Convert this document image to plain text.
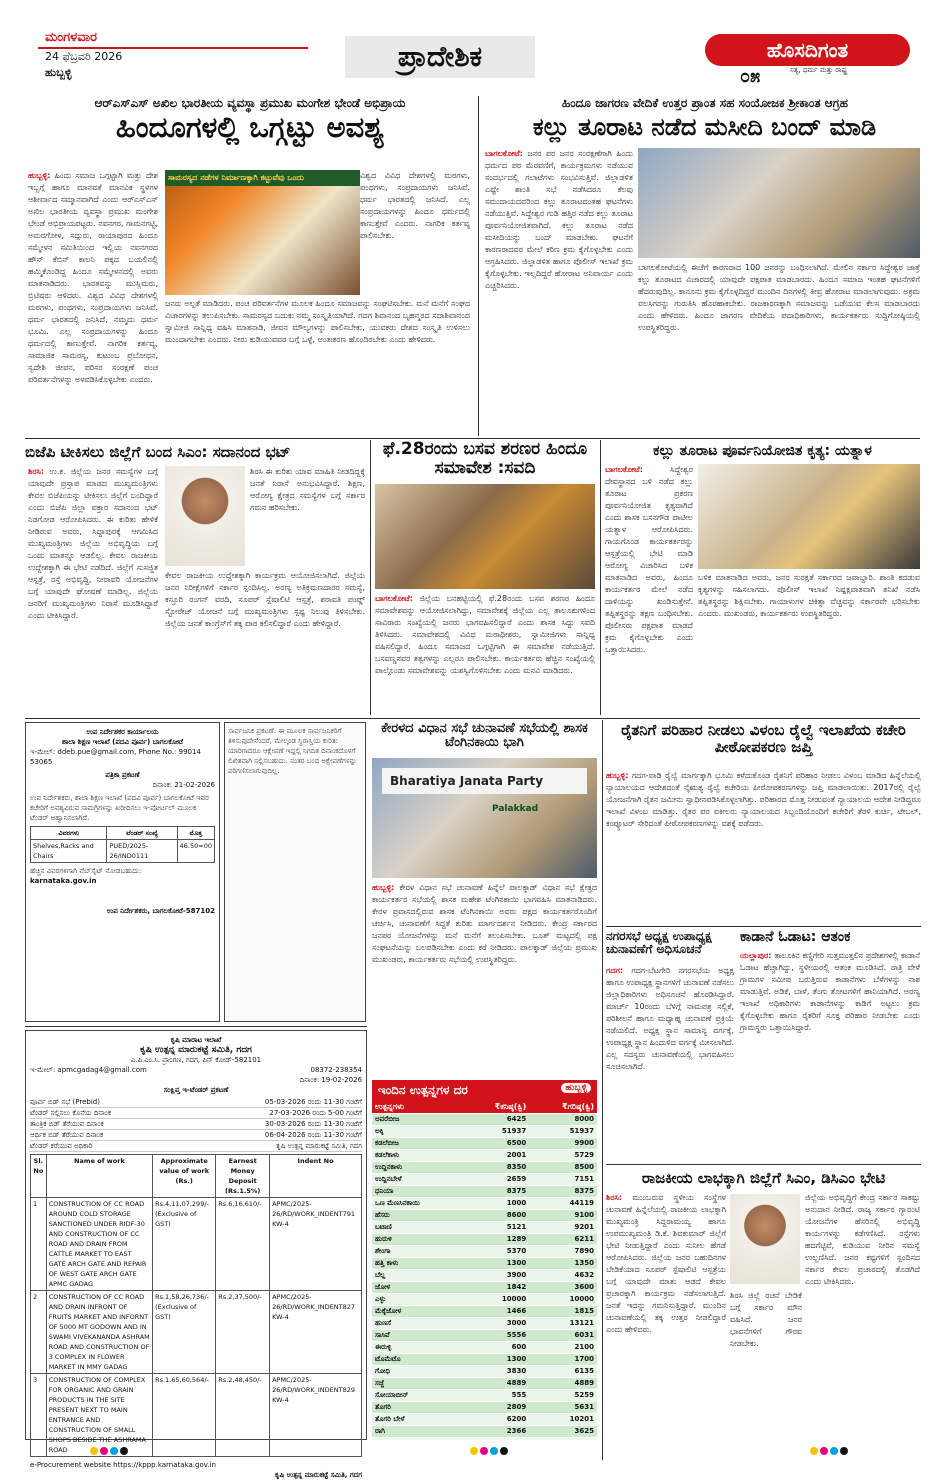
ಮಂಗಳವಾರ
24 ಫೆಬ್ರವರಿ 2026
ಹುಬ್ಬಳ್ಳಿ	ಪ್ರಾದೇಶಿಕ	ಹೊಸದಿಗಂತ
೦೫	ಸತ್ಯ, ಧರ್ಮ ಮತ್ತು ರಾಷ್ಟ್ರ
ಆರ್‌ಎಸ್‌ಎಸ್ ಅಖಿಲ ಭಾರತೀಯ ವ್ಯವಸ್ಥಾ ಪ್ರಮುಖ ಮಂಗೇಶ ಭೇಂಡೆ ಅಭಿಪ್ರಾಯ
ಹಿಂದೂಗಳಲ್ಲಿ ಒಗ್ಗಟ್ಟು ಅವಶ್ಯ
ಹುಬ್ಬಳ್ಳಿ: ಹಿಂದು ಸಮಾಜ ಒಗ್ಗಟ್ಟಾಗಿ ಮತ್ತು ದೇಶ ಇಬ್ಬಗ್ಗೆ ಹಾಗೂ ಮಾನವತೆ ಮಾನವಿಕ ಸ್ಥಳಗಳ ಆಶೀರ್ವಾದ ಸಮ್ಮಾನವಾಗಿದೆ ಎಂದು ಆರ್‌ಎಸ್‌ಎಸ್ ಅಖಿಲ ಭಾರತೀಯ ವ್ಯವಸ್ಥಾ ಪ್ರಮುಖ ಮಂಗೇಶ ಭೇಂಡೆ ಅಭಿಪ್ರಾಯಪಟ್ಟರು. ನವನಗರ, ಗಾಮನಗಟ್ಟಿ, ಅಮರಗೋಳ, ಸದ್ಗುರು, ರಾಯಾಪುರದ ಹಿಂದೂ ಸಮ್ಮೇಳನ ಸಮಿತಿಯಿಂದ ಇಲ್ಲಿಯ ನವನಗರದ ಹೌಸ್ ಕೆಬಿನ್ ಕಾಲನಿ ಪಕ್ಕದ ಬಯಲಿನಲ್ಲಿ ಹಮ್ಮಿಕೊಂಡಿದ್ದ ಹಿಂದೂ ಸಮ್ಮೇಳನದಲ್ಲಿ ಅವರು ಮಾತನಾಡಿದರು. ಭಾರತವನ್ನು ಮುಸ್ಲಿಮರು, ಬ್ರಿಟಿಷರು ಆಳಿದರು. ವಿಶ್ವದ ವಿವಿಧ ದೇಶಗಳಲ್ಲಿ ಮಠಗಳು, ಪಂಥಗಳು, ಸಂಪ್ರದಾಯಗಳು ಜನಿಸಿವೆ. ಧರ್ಮ ಭಾರತದಲ್ಲಿ ಜನಿಸಿದೆ, ನಮ್ಮದು ಧರ್ಮ ಭೂಮಿ. ಎಲ್ಲ ಸಂಪ್ರದಾಯಗಳನ್ನು ಹಿಂದೂ ಧರ್ಮದಲ್ಲಿ ಕಾಣುತ್ತೇವೆ. ನಾಗರಿಕ ಕರ್ತವ್ಯ, ಸಾಮಾಜಿಕ ಸಾಮರಸ್ಯ, ಕುಟುಂಬ ಪ್ರಬೋಧನ, ಸ್ವದೇಶಿ ಜೀವನ, ಪರಿಸರ ಸಂರಕ್ಷಣೆ ಪಂಚ ಪರಿವರ್ತನೆಗಳನ್ನು ಅಳವಡಿಸಿಕೊಳ್ಳಬೇಕು ಎಂದರು.
ಸಾಮರಸ್ಯದ ನಡೆಗಳ ನಿರ್ಮಾಣಕ್ಕಾಗಿ ಕಟ್ಟುವೆವು ಒಂದು
ಜನರು ಅಲ್ಪತೆ ಮಾಡಿದರು. ಪಂಚ ಪರಿವರ್ತನೆಗಳ ಮೂಲಕ ಹಿಂದೂ ಸಮಾಜವನ್ನು ಸಂಘಟಿಸಬೇಕು. ಮನೆ ಮನೆಗೆ ಸಂಘದ ವಿಚಾರಗಳನ್ನು ತಲುಪಿಸಬೇಕು. ಸಾಮರಸ್ಯದ ಬದುಕು ನಮ್ಮ ಸಂಸ್ಕೃತಿಯಾಗಿದೆ. ಗದಗ ಶಿವಾನಂದ ಬೃಹನ್ಮಠದ ಸದಾಶಿವಾನಂದ ಸ್ವಾಮೀಜಿ ಸಾನ್ನಿಧ್ಯ ವಹಿಸಿ ಮಾತನಾಡಿ, ಜೀವನ ಮೌಲ್ಯಗಳನ್ನು ಪಾಲಿಸಬೇಕು, ಯುವಕರು ದೇಶದ ಸಂಸ್ಕೃತಿ ಉಳಿಸಲು ಮುಂದಾಗಬೇಕು ಎಂದರು. ನೀರು ಕುಡಿಯುವವರ ಬಗ್ಗೆ ಒಳ್ಳೆ, ಅಂತಃಕರಣ ಹೊಂದಿರಬೇಕು ಎಂದು ಹೇಳಿದರು.
ವಿಶ್ವದ ವಿವಿಧ ದೇಶಗಳಲ್ಲಿ ಮಠಗಳು, ಪಂಥಗಳು, ಸಂಪ್ರದಾಯಗಳು ಜನಿಸಿವೆ. ಧರ್ಮ ಭಾರತದಲ್ಲಿ ಜನಿಸಿದೆ. ಎಲ್ಲ ಸಂಪ್ರದಾಯಗಳನ್ನು ಹಿಂದೂ ಧರ್ಮದಲ್ಲಿ ಕಾಣುತ್ತೇವೆ ಎಂದರು. ನಾಗರಿಕ ಕರ್ತವ್ಯ ಪಾಲಿಸಬೇಕು.
ಹಿಂದೂ ಜಾಗರಣ ವೇದಿಕೆ ಉತ್ತರ ಪ್ರಾಂತ ಸಹ ಸಂಯೋಜಕ ಶ್ರೀಕಾಂತ ಆಗ್ರಹ
ಕಲ್ಲು ತೂರಾಟ ನಡೆದ ಮಸೀದಿ ಬಂದ್ ಮಾಡಿ
ಬಾಗಲಕೋಟೆ: ಜನರ ಪರ ಜನರ ಸಂರಕ್ಷಣೆಗಾಗಿ ಹಿಂದು ಧರ್ಮದ ಪರ ಮೆರವಣಿಗೆ, ಕಾರ್ಯಕ್ರಮಗಳು ನಡೆಯುವ ಸಂದರ್ಭದಲ್ಲಿ ಗಲಾಟೆಗಳು ಸಂಭವಿಸುತ್ತಿವೆ. ಜಿಲ್ಲಾಡಳಿತ ಎಷ್ಟೇ ಶಾಂತಿ ಸಭೆ ನಡೆಸಿದರೂ ಕೆಲವು ಸಮುದಾಯದವರಿಂದ ಕಲ್ಲು ತೂರಾಟದಂತಹ ಘಟನೆಗಳು ನಡೆಯುತ್ತಿವೆ. ಸಿದ್ದೇಶ್ವರ ಗುಡಿ ಹತ್ತಿರ ನಡೆದ ಕಲ್ಲು ತೂರಾಟ ಪೂರ್ವನಿಯೋಜಿತವಾಗಿದೆ. ಕಲ್ಲು ತೂರಾಟ ನಡೆದ ಮಸೀದಿಯನ್ನು ಬಂದ್ ಮಾಡಬೇಕು. ಘಟನೆಗೆ ಕಾರಣರಾದವರ ಮೇಲೆ ಕಠಿಣ ಕ್ರಮ ಕೈಗೊಳ್ಳಬೇಕು ಎಂದು ಆಗ್ರಹಿಸಿದರು. ಜಿಲ್ಲಾಡಳಿತ ಹಾಗೂ ಪೊಲೀಸ್ ಇಲಾಖೆ ಕ್ರಮ ಕೈಗೊಳ್ಳಬೇಕು. ಇಲ್ಲದಿದ್ದರೆ ಹೋರಾಟ ಅನಿವಾರ್ಯ ಎಂದು ಎಚ್ಚರಿಸಿದರು.
ಬಾಗಲಕೋಟೆಯಲ್ಲಿ ಈಚೆಗೆ ಕಾರಣರಾದ 100 ಜನರನ್ನು ಬಂಧಿಸಲಾಗಿದೆ. ಮೇಲಿನ ಸರ್ಕಾರ ಸಿದ್ದೇಶ್ವರ ಜಾತ್ರೆ ಕಲ್ಲು ತೂರಾಟದ ವಿಚಾರದಲ್ಲಿ ಯಾವುದೇ ಪಕ್ಷಪಾತ ಮಾಡಬಾರದು. ಹಿಂದೂ ಸಮಾಜ ಇಂತಹ ಘಟನೆಗಳಿಗೆ ಹೆದರುವುದಿಲ್ಲ. ಕಾನೂನು ಕ್ರಮ ಕೈಗೊಳ್ಳದಿದ್ದರೆ ಮುಂದಿನ ದಿನಗಳಲ್ಲಿ ತೀವ್ರ ಹೋರಾಟ ಮಾಡಲಾಗುವುದು. ಅಕ್ರಮ ವಲಸಿಗರನ್ನು ಗುರುತಿಸಿ ಹೊರಹಾಕಬೇಕು. ರಾಜಕಾರಣಕ್ಕಾಗಿ ಸಮಾಜವನ್ನು ಒಡೆಯುವ ಕೆಲಸ ಮಾಡಬಾರದು ಎಂದು ಹೇಳಿದರು. ಹಿಂದೂ ಜಾಗರಣ ವೇದಿಕೆಯ ಪದಾಧಿಕಾರಿಗಳು, ಕಾರ್ಯಕರ್ತರು ಸುದ್ದಿಗೋಷ್ಠಿಯಲ್ಲಿ ಉಪಸ್ಥಿತರಿದ್ದರು.
ಬಿಜೆಪಿ ಟೀಕಿಸಲು ಜಿಲ್ಲೆಗೆ ಬಂದ ಸಿಎಂ: ಸದಾನಂದ ಭಟ್
ಶಿರಸಿ: ಉ.ಕ. ಜಿಲ್ಲೆಯ ಜನರ ಸಮಸ್ಯೆಗಳ ಬಗ್ಗೆ ಯಾವುದೇ ಪ್ರಸ್ತಾಪ ಮಾಡದ ಮುಖ್ಯಮಂತ್ರಿಗಳು ಕೇವಲ ಬಿಜೆಪಿಯನ್ನು ಟೀಕಿಸಲು ಜಿಲ್ಲೆಗೆ ಬಂದಿದ್ದಾರೆ ಎಂದು ಬಿಜೆಪಿ ಜಿಲ್ಲಾ ವಕ್ತಾರ ಸದಾನಂದ ಭಟ್ ನಿಡಗೋಡ ಆರೋಪಿಸಿದರು. ಈ ಕುರಿತು ಹೇಳಿಕೆ ನೀಡಿರುವ ಅವರು, ಸಿದ್ದಾಪುರಕ್ಕೆ ಆಗಮಿಸಿದ ಮುಖ್ಯಮಂತ್ರಿಗಳು ಜಿಲ್ಲೆಯ ಅಭಿವೃದ್ಧಿಯ ಬಗ್ಗೆ ಒಂದು ಮಾತನ್ನೂ ಆಡಲಿಲ್ಲ. ಕೇವಲ ರಾಜಕೀಯ ಉದ್ದೇಶಕ್ಕಾಗಿ ಈ ಭೇಟಿ ನಡೆದಿದೆ. ಜಿಲ್ಲೆಗೆ ಸುಸಜ್ಜಿತ ಆಸ್ಪತ್ರೆ, ರಸ್ತೆ ಅಭಿವೃದ್ಧಿ, ನೀರಾವರಿ ಯೋಜನೆಗಳ ಬಗ್ಗೆ ಯಾವುದೇ ಘೋಷಣೆ ಮಾಡಿಲ್ಲ. ಜಿಲ್ಲೆಯ ಜನರಿಗೆ ಮುಖ್ಯಮಂತ್ರಿಗಳು ನಿರಾಸೆ ಮೂಡಿಸಿದ್ದಾರೆ ಎಂದು ಟೀಕಿಸಿದ್ದಾರೆ.
ಶಿರಸಿ ಈ ಕುರಿತು ಯಾವ ಮಾಹಿತಿ ನೀಡದಿದ್ದಕ್ಕೆ ಜನತೆ ನಿರಾಸೆ ಅನುಭವಿಸಿದ್ದಾರೆ. ಶಿಕ್ಷಣ, ಆರೋಗ್ಯ ಕ್ಷೇತ್ರದ ಸಮಸ್ಯೆಗಳ ಬಗ್ಗೆ ಸರ್ಕಾರ ಗಮನ ಹರಿಸಬೇಕು.
ಕೇವಲ ರಾಜಕೀಯ ಉದ್ದೇಶಕ್ಕಾಗಿ ಕಾರ್ಯಕ್ರಮ ಆಯೋಜಿಸಲಾಗಿದೆ. ಜಿಲ್ಲೆಯ ಜನರ ನಿರೀಕ್ಷೆಗಳಿಗೆ ಸರ್ಕಾರ ಸ್ಪಂದಿಸಿಲ್ಲ. ಅರಣ್ಯ ಅತಿಕ್ರಮಣದಾರರ ಸಮಸ್ಯೆ, ಕಸ್ತೂರಿ ರಂಗನ್ ವರದಿ, ಸೂಪರ್ ಸ್ಪೆಷಾಲಿಟಿ ಆಸ್ಪತ್ರೆ, ಶರಾವತಿ ಪಂಪ್ಡ್ ಸ್ಟೋರೇಜ್ ಯೋಜನೆ ಬಗ್ಗೆ ಮುಖ್ಯಮಂತ್ರಿಗಳು ಸ್ಪಷ್ಟ ನಿಲುವು ತಿಳಿಸಬೇಕು. ಜಿಲ್ಲೆಯ ಜನತೆ ಕಾಂಗ್ರೆಸ್‌ಗೆ ತಕ್ಕ ಪಾಠ ಕಲಿಸಲಿದ್ದಾರೆ ಎಂದು ಹೇಳಿದ್ದಾರೆ.
ಫೆ.28ರಂದು ಬಸವ ಶರಣರ ಹಿಂದೂ ಸಮಾವೇಶ :ಸವದಿ
ಬಾಗಲಕೋಟೆ: ಜಿಲ್ಲೆಯ ಬನಹಟ್ಟಿಯಲ್ಲಿ ಫೆ.28ರಂದು ಬಸವ ಶರಣರ ಹಿಂದೂ ಸಮಾವೇಶವನ್ನು ಆಯೋಜಿಸಲಾಗಿದ್ದು, ಸಮಾವೇಶಕ್ಕೆ ಜಿಲ್ಲೆಯ ಎಲ್ಲ ತಾಲೂಕುಗಳಿಂದ ಸಾವಿರಾರು ಸಂಖ್ಯೆಯಲ್ಲಿ ಜನರು ಭಾಗವಹಿಸಲಿದ್ದಾರೆ ಎಂದು ಶಾಸಕ ಸಿದ್ದು ಸವದಿ ತಿಳಿಸಿದರು. ಸಮಾವೇಶದಲ್ಲಿ ವಿವಿಧ ಮಠಾಧೀಶರು, ಸ್ವಾಮೀಜಿಗಳು ಸಾನ್ನಿಧ್ಯ ವಹಿಸಲಿದ್ದಾರೆ. ಹಿಂದೂ ಸಮಾಜದ ಒಗ್ಗಟ್ಟಿಗಾಗಿ ಈ ಸಮಾವೇಶ ನಡೆಯುತ್ತಿದೆ. ಬಸವಣ್ಣನವರ ತತ್ವಗಳನ್ನು ಎಲ್ಲರೂ ಪಾಲಿಸಬೇಕು. ಕಾರ್ಯಕರ್ತರು ಹೆಚ್ಚಿನ ಸಂಖ್ಯೆಯಲ್ಲಿ ಪಾಲ್ಗೊಂಡು ಸಮಾವೇಶವನ್ನು ಯಶಸ್ವಿಗೊಳಿಸಬೇಕು ಎಂದು ಮನವಿ ಮಾಡಿದರು.
ಕಲ್ಲು ತೂರಾಟ ಪೂರ್ವನಿಯೋಜಿತ ಕೃತ್ಯ: ಯತ್ನಾಳ
ಬಾಗಲಕೋಟೆ:	ಸಿದ್ದೇಶ್ವರ ದೇವಸ್ಥಾನದ ಬಳಿ ನಡೆದ ಕಲ್ಲು ತೂರಾಟ ಪ್ರಕರಣ ಪೂರ್ವನಿಯೋಜಿತ ಕೃತ್ಯವಾಗಿದೆ ಎಂದು ಶಾಸಕ ಬಸನಗೌಡ ಪಾಟೀಲ ಯತ್ನಾಳ ಆರೋಪಿಸಿದರು. ಗಾಯಗೊಂಡ ಕಾರ್ಯಕರ್ತರನ್ನು ಆಸ್ಪತ್ರೆಯಲ್ಲಿ ಭೇಟಿ ಮಾಡಿ ಆರೋಗ್ಯ ವಿಚಾರಿಸಿದ ಬಳಿಕ ಮಾತನಾಡಿದ ಅವರು, ಹಿಂದೂ ಕಾರ್ಯಕರ್ತರ ಮೇಲೆ ನಡೆದ ದಾಳಿಯನ್ನು ಖಂಡಿಸುತ್ತೇನೆ. ತಪ್ಪಿತಸ್ಥರನ್ನು ತಕ್ಷಣ ಬಂಧಿಸಬೇಕು. ಪೊಲೀಸರು ಪಕ್ಷಪಾತ ಮಾಡದೆ ಕ್ರಮ ಕೈಗೊಳ್ಳಬೇಕು ಎಂದು ಒತ್ತಾಯಿಸಿದರು.
ಬಳಿಕ ಮಾತನಾಡಿದ ಅವರು, ಜನರ ಸುರಕ್ಷತೆ ಸರ್ಕಾರದ ಜವಾಬ್ದಾರಿ. ಶಾಂತಿ ಕದಡುವ ಕೃತ್ಯಗಳನ್ನು ಸಹಿಸಲಾಗದು. ಪೊಲೀಸ್ ಇಲಾಖೆ ನಿಷ್ಪಕ್ಷಪಾತವಾಗಿ ತನಿಖೆ ನಡೆಸಿ ತಪ್ಪಿತಸ್ಥರನ್ನು ಶಿಕ್ಷಿಸಬೇಕು. ಗಾಯಾಳುಗಳ ಚಿಕಿತ್ಸಾ ವೆಚ್ಚವನ್ನು ಸರ್ಕಾರವೇ ಭರಿಸಬೇಕು ಎಂದರು. ಮುಖಂಡರು, ಕಾರ್ಯಕರ್ತರು ಉಪಸ್ಥಿತರಿದ್ದರು.
ಉಪ ನಿರ್ದೇಶಕರ ಕಾರ್ಯಾಲಯ
ಶಾಲಾ ಶಿಕ್ಷಣ ಇಲಾಖೆ (ಪದವಿ ಪೂರ್ವ) ಬಾಗಲಕೋಟೆ
ಇ-ಮೇಲ್: ddeb.pue@gmail.com, Phone No.: 99014 53065
ಪತ್ರಿಕಾ ಪ್ರಕಟಣೆ
ದಿನಾಂಕ: 21-02-2026
ಉಪ ನಿರ್ದೇಶಕರು, ಶಾಲಾ ಶಿಕ್ಷಣ ಇಲಾಖೆ (ಪದವಿ ಪೂರ್ವ) ಬಾಗಲಕೋಟೆ ಇವರ ಕಚೇರಿಗೆ ಅವಶ್ಯವಿರುವ ಸಾಮಗ್ರಿಗಳನ್ನು ಖರೀದಿಸಲು ಇ-ಪೋರ್ಟಲ್ ಮೂಲಕ ಟೆಂಡರ್ ಆಹ್ವಾನಿಸಲಾಗಿದೆ.
ವಿವರಗಳು	ಟೆಂಡರ್ ಸಂಖ್ಯೆ	ಮೊತ್ತ
Shelves,Racks and Chairs	PUED/2025-26/IND0111	46.50=00
ಹೆಚ್ಚಿನ ವಿವರಗಳಿಗಾಗಿ ವೆಬ್‌ಸೈಟ್ ನೋಡಬಹುದು:
karnataka.gov.in
ಉಪ ನಿರ್ದೇಶಕರು, ಬಾಗಲಕೋಟೆ-587102
ಸಾರ್ವಜನಿಕ ಪ್ರಕಟಣೆ. ಈ ಮೂಲಕ ಸಾರ್ವಜನಿಕರಿಗೆ ತಿಳಿಸುವುದೇನೆಂದರೆ, ಮೇಲ್ಕಂಡ ಸ್ಥಿರಾಸ್ತಿಯ ಕುರಿತು ಯಾರಿಗಾದರೂ ಆಕ್ಷೇಪಣೆ ಇದ್ದಲ್ಲಿ ನಿಗದಿತ ದಿನಾಂಕದೊಳಗೆ ಲಿಖಿತವಾಗಿ ಸಲ್ಲಿಸಬಹುದು. ನಂತರ ಬಂದ ಆಕ್ಷೇಪಣೆಗಳನ್ನು ಪರಿಗಣಿಸಲಾಗುವುದಿಲ್ಲ.
ಕೇರಳದ ವಿಧಾನ ಸಭೆ ಚುನಾವಣೆ ಸಭೆಯಲ್ಲಿ ಶಾಸಕ ಟೆಂಗಿನಕಾಯಿ ಭಾಗಿ
Bharatiya Janata Party
Palakkad
ಹುಬ್ಬಳ್ಳಿ: ಕೇರಳ ವಿಧಾನ ಸಭೆ ಚುನಾವಣೆ ಹಿನ್ನೆಲೆ ಪಾಲಕ್ಕಾಡ್ ವಿಧಾನ ಸಭೆ ಕ್ಷೇತ್ರದ ಕಾರ್ಯಕರ್ತರ ಸಭೆಯಲ್ಲಿ ಶಾಸಕ ಮಹೇಶ ಟೆಂಗಿನಕಾಯಿ ಭಾಗವಹಿಸಿ ಮಾತನಾಡಿದರು. ಕೇರಳ ಪ್ರವಾಸದಲ್ಲಿರುವ ಶಾಸಕ ಟೆಂಗಿನಕಾಯಿ ಅವರು ಪಕ್ಷದ ಕಾರ್ಯಕರ್ತರೊಂದಿಗೆ ಚರ್ಚಿಸಿ, ಚುನಾವಣೆಗೆ ಸಿದ್ಧತೆ ಕುರಿತು ಮಾರ್ಗದರ್ಶನ ನೀಡಿದರು. ಕೇಂದ್ರ ಸರ್ಕಾರದ ಜನಪರ ಯೋಜನೆಗಳನ್ನು ಮನೆ ಮನೆಗೆ ತಲುಪಿಸಬೇಕು. ಬೂತ್ ಮಟ್ಟದಲ್ಲಿ ಪಕ್ಷ ಸಂಘಟನೆಯನ್ನು ಬಲಪಡಿಸಬೇಕು ಎಂದು ಕರೆ ನೀಡಿದರು. ಪಾಲಕ್ಕಾಡ್ ಜಿಲ್ಲೆಯ ಪ್ರಮುಖ ಮುಖಂಡರು, ಕಾರ್ಯಕರ್ತರು ಸಭೆಯಲ್ಲಿ ಉಪಸ್ಥಿತರಿದ್ದರು.
ರೈತನಿಗೆ ಪರಿಹಾರ ನೀಡಲು ವಿಳಂಬ ರೈಲ್ವೆ ಇಲಾಖೆಯ ಕಚೇರಿ ಪೀಠೋಪಕರಣ ಜಪ್ತಿ
ಹುಬ್ಬಳ್ಳಿ: ಗದಗ-ವಾಡಿ ರೈಲ್ವೆ ಮಾರ್ಗಕ್ಕಾಗಿ ಭೂಮಿ ಕಳೆದುಕೊಂಡ ರೈತನಿಗೆ ಪರಿಹಾರ ನೀಡಲು ವಿಳಂಬ ಮಾಡಿದ ಹಿನ್ನೆಲೆಯಲ್ಲಿ ನ್ಯಾಯಾಲಯದ ಆದೇಶದಂತೆ ನೈಋತ್ಯ ರೈಲ್ವೆ ಕಚೇರಿಯ ಪೀಠೋಪಕರಣಗಳನ್ನು ಜಪ್ತಿ ಮಾಡಲಾಯಿತು. 2017ರಲ್ಲಿ ರೈಲ್ವೆ ಯೋಜನೆಗಾಗಿ ರೈತನ ಜಮೀನು ಸ್ವಾಧೀನಪಡಿಸಿಕೊಳ್ಳಲಾಗಿತ್ತು. ಪರಿಹಾರದ ಮೊತ್ತ ನೀಡುವಂತೆ ನ್ಯಾಯಾಲಯ ಆದೇಶ ನೀಡಿದ್ದರೂ ಇಲಾಖೆ ವಿಳಂಬ ಮಾಡಿತ್ತು. ರೈತರ ಪರ ವಕೀಲರು ನ್ಯಾಯಾಲಯದ ಸಿಬ್ಬಂದಿಯೊಂದಿಗೆ ಕಚೇರಿಗೆ ತೆರಳಿ ಕುರ್ಚಿ, ಟೇಬಲ್, ಕಂಪ್ಯೂಟರ್ ಸೇರಿದಂತೆ ಪೀಠೋಪಕರಣಗಳನ್ನು ವಶಕ್ಕೆ ಪಡೆದರು.
ನಗರಸಭೆ ಅಧ್ಯಕ್ಷ ಉಪಾಧ್ಯಕ್ಷ ಚುನಾವಣೆಗೆ ಅಧಿಸೂಚನೆ
ಗದಗ: ಗದಗ-ಬೆಟಗೇರಿ ನಗರಸಭೆಯ ಅಧ್ಯಕ್ಷ ಹಾಗೂ ಉಪಾಧ್ಯಕ್ಷ ಸ್ಥಾನಗಳಿಗೆ ಚುನಾವಣೆ ನಡೆಸಲು ಜಿಲ್ಲಾಧಿಕಾರಿಗಳು ಅಧಿಸೂಚನೆ ಹೊರಡಿಸಿದ್ದಾರೆ. ಮಾರ್ಚ್ 10ರಂದು ಬೆಳಿಗ್ಗೆ ನಾಮಪತ್ರ ಸಲ್ಲಿಕೆ, ಪರಿಶೀಲನೆ ಹಾಗೂ ಮಧ್ಯಾಹ್ನ ಚುನಾವಣೆ ಪ್ರಕ್ರಿಯೆ ನಡೆಯಲಿದೆ. ಅಧ್ಯಕ್ಷ ಸ್ಥಾನ ಸಾಮಾನ್ಯ ವರ್ಗಕ್ಕೆ, ಉಪಾಧ್ಯಕ್ಷ ಸ್ಥಾನ ಹಿಂದುಳಿದ ವರ್ಗಕ್ಕೆ ಮೀಸಲಾಗಿದೆ. ಎಲ್ಲ ಸದಸ್ಯರು ಚುನಾವಣೆಯಲ್ಲಿ ಭಾಗವಹಿಸಲು ಸೂಚಿಸಲಾಗಿದೆ.
ಕಾಡಾನೆ ಓಡಾಟ: ಆತಂಕ
ಯಲ್ಲಾಪುರ: ತಾಲೂಕಿನ ಕಣ್ಣಿಗೇರಿ ಸುತ್ತಮುತ್ತಲಿನ ಪ್ರದೇಶಗಳಲ್ಲಿ ಕಾಡಾನೆ ಓಡಾಟ ಹೆಚ್ಚಾಗಿದ್ದು, ಸ್ಥಳೀಯರಲ್ಲಿ ಆತಂಕ ಮೂಡಿಸಿದೆ. ರಾತ್ರಿ ವೇಳೆ ಗ್ರಾಮಗಳ ಸಮೀಪ ಬರುತ್ತಿರುವ ಕಾಡಾನೆಗಳು ಬೆಳೆಗಳನ್ನು ನಾಶ ಮಾಡುತ್ತಿವೆ. ಅಡಿಕೆ, ಬಾಳೆ, ತೆಂಗು ತೋಟಗಳಿಗೆ ಹಾನಿಯಾಗಿದೆ. ಅರಣ್ಯ ಇಲಾಖೆ ಅಧಿಕಾರಿಗಳು ಕಾಡಾನೆಗಳನ್ನು ಕಾಡಿಗೆ ಅಟ್ಟಲು ಕ್ರಮ ಕೈಗೊಳ್ಳಬೇಕು ಹಾಗೂ ರೈತರಿಗೆ ಸೂಕ್ತ ಪರಿಹಾರ ನೀಡಬೇಕು ಎಂದು ಗ್ರಾಮಸ್ಥರು ಒತ್ತಾಯಿಸಿದ್ದಾರೆ.
ರಾಜಕೀಯ ಲಾಭಕ್ಕಾಗಿ ಜಿಲ್ಲೆಗೆ ಸಿಎಂ, ಡಿಸಿಎಂ ಭೇಟಿ
ಶಿರಸಿ: ಮುಂಬರುವ ಸ್ಥಳೀಯ ಸಂಸ್ಥೆಗಳ ಚುನಾವಣೆ ಹಿನ್ನೆಲೆಯಲ್ಲಿ ರಾಜಕೀಯ ಲಾಭಕ್ಕಾಗಿ ಮುಖ್ಯಮಂತ್ರಿ ಸಿದ್ದರಾಮಯ್ಯ ಹಾಗೂ ಉಪಮುಖ್ಯಮಂತ್ರಿ ಡಿ.ಕೆ. ಶಿವಕುಮಾರ್ ಜಿಲ್ಲೆಗೆ ಭೇಟಿ ನೀಡುತ್ತಿದ್ದಾರೆ ಎಂದು ಸುನೀಲ ಹೆಗಡೆ ಆರೋಪಿಸಿದರು. ಜಿಲ್ಲೆಯ ಜನರ ಬಹುದಿನಗಳ ಬೇಡಿಕೆಯಾದ ಸೂಪರ್ ಸ್ಪೆಷಾಲಿಟಿ ಆಸ್ಪತ್ರೆಯ ಬಗ್ಗೆ ಯಾವುದೇ ಮಾತು ಆಡದೆ ಕೇವಲ ಪ್ರಚಾರಕ್ಕಾಗಿ ಕಾರ್ಯಕ್ರಮ ನಡೆಸಲಾಗುತ್ತಿದೆ. ಜನತೆ ಇದನ್ನು ಗಮನಿಸುತ್ತಿದ್ದಾರೆ. ಮುಂದಿನ ಚುನಾವಣೆಯಲ್ಲಿ ತಕ್ಕ ಉತ್ತರ ನೀಡಲಿದ್ದಾರೆ ಎಂದು ಹೇಳಿದರು.
ಜಿಲ್ಲೆಯ ಅಭಿವೃದ್ಧಿಗೆ ಕೇಂದ್ರ ಸರ್ಕಾರ ಸಾಕಷ್ಟು ಅನುದಾನ ನೀಡಿದೆ. ರಾಜ್ಯ ಸರ್ಕಾರ ಗ್ಯಾರಂಟಿ ಯೋಜನೆಗಳ ಹೆಸರಿನಲ್ಲಿ ಅಭಿವೃದ್ಧಿ ಕಾರ್ಯಗಳನ್ನು ಕಡೆಗಣಿಸಿದೆ. ರಸ್ತೆಗಳು ಹದಗೆಟ್ಟಿವೆ, ಕುಡಿಯುವ ನೀರಿನ ಸಮಸ್ಯೆ ಉಲ್ಬಣಿಸಿದೆ. ಜನರ ಕಷ್ಟಗಳಿಗೆ ಸ್ಪಂದಿಸದ ಸರ್ಕಾರ ಕೇವಲ ಪ್ರಚಾರದಲ್ಲಿ ತೊಡಗಿದೆ ಎಂದು ಟೀಕಿಸಿದರು.
ಶಿರಸಿ ಜಿಲ್ಲೆ ರಚನೆ ಬೇಡಿಕೆ ಬಗ್ಗೆ ಸರ್ಕಾರ ಮೌನ ವಹಿಸಿದೆ. ಜನರ ಭಾವನೆಗಳಿಗೆ ಗೌರವ ನೀಡಬೇಕು.
ಕೃಷಿ ಮಾರಾಟ ಇಲಾಖೆ
ಕೃಷಿ ಉತ್ಪನ್ನ ಮಾರುಕಟ್ಟೆ ಸಮಿತಿ, ಗದಗ
ಎ.ಪಿ.ಎಂ.ಸಿ. ಪ್ರಾಂಗಣ, ಗದಗ, ಪಿನ್ ಕೋಡ್-582101
ಇ-ಮೇಲ್: apmcgadag4@gmail.com	08372-238354
ದಿನಾಂಕ: 19-02-2026
ಸಂಕ್ಷಿಪ್ತ ಇ-ಟೆಂಡರ್ ಪ್ರಕಟಣೆ
ಪೂರ್ವ ಬಿಡ್ ಸಭೆ (Prebid)	05-03-2026 ರಂದು 11-30 ಗಂಟೆಗೆ
ಟೆಂಡರ್ ಸಲ್ಲಿಸಲು ಕೊನೆಯ ದಿನಾಂಕ	27-03-2026 ರಂದು 5-00 ಗಂಟೆಗೆ
ತಾಂತ್ರಿಕ ಬಿಡ್ ತೆರೆಯುವ ದಿನಾಂಕ	30-03-2026 ರಂದು 11-30 ಗಂಟೆಗೆ
ಆರ್ಥಿಕ ಬಿಡ್ ತೆರೆಯುವ ದಿನಾಂಕ	06-04-2026 ರಂದು 11-30 ಗಂಟೆಗೆ
ಟೆಂಡರ್ ಕರೆಯುವ ಅಧಿಕಾರಿ	ಕೃಷಿ ಉತ್ಪನ್ನ ಮಾರುಕಟ್ಟೆ ಸಮಿತಿ, ಗದಗ
Sl. No	Name of work	Approximate value of work (Rs.)	Earnest Money Deposit (Rs.1.5%)	Indent No
1	CONSTRUCTION OF CC ROAD AROUND COLD STORAGE SANCTIONED UNDER RIDF-30 AND CONSTRUCTION OF CC ROAD AND DRAIN FROM CATTLE MARKET TO EAST GATE ARCH GATE AND REPAIR OF WEST GATE ARCH GATE APMC GADAG	Rs.4,11,07,299/- (Exclusive of GST)	Rs.6,16,610/-	APMC/2025-26/RD/WORK_INDENT791 KW-4
2	CONSTRUCTION OF CC ROAD AND DRAIN INFRONT OF FRUITS MARKET AND INFORNT OF 5000 MT GODOWN AND IN SWAMI VIVEKANANDA ASHRAM ROAD AND CONSTRUCTION OF 3 COMPLEX IN FLOWER MARKET IN MMY GADAG	Rs.1,58,26,736/- (Exclusive of GST)	Rs.2,37,500/-	APMC/2025-26/RD/WORK_INDENT827 KW-4
3	CONSTRUCTION OF COMPLEX FOR ORGANIC AND GRAIN PRODUCTS IN THE SITE PRESENT NEXT TO MAIN ENTRANCE AND CONSTRUCTION OF SMALL SHOPS BESIDE THE ASHRAMA ROAD	Rs.1,65,60,564/-	Rs.2,48,450/-	APMC/2025-26/RD/WORK_INDENT829 KW-4
e-Procurement website https://kppp.karnataka.gov.in
ಕೃಷಿ ಉತ್ಪನ್ನ ಮಾರುಕಟ್ಟೆ ಸಮಿತಿ, ಗದಗ
ಇಂದಿನ ಉತ್ಪನ್ನಗಳ ದರ	ಹುಬ್ಬಳ್ಳಿ
ಉತ್ಪನ್ನಗಳು	₹ಕನಿಷ್ಠ(ಕ್ವಿ)	₹ಗರಿಷ್ಠ(ಕ್ವಿ)
ಅವರೆಬೀಜ	6425	8000
ಅಕ್ಕಿ	51937	51937
ಕಡಲೆಬೀಜ	6500	9900
ಕಡಲೆಕಾಳು	2001	5729
ಉದ್ದಿನಕಾಳು	8350	8500
ಉದ್ದಿನಬೇಳೆ	2659	7151
ಧನಿಯಾ	8375	8375
ಒಣ ಮೆಣಸಿನಕಾಯಿ	1000	44119
ಹೆಸರು	8600	9100
ಬಟಾಣಿ	5121	9201
ಹುರುಳಿ	1289	6211
ಶೇಂಗಾ	5370	7890
ಹತ್ತಿ ಕಾಳು	1300	1350
ಬೆಲ್ಲ	3900	4632
ಜೋಳ	1842	3600
ಎಳ್ಳು	10000	10000
ಮೆಕ್ಕೆಜೋಳ	1466	1815
ಹುಣಸೆ	3000	13121
ಸಾಸಿವೆ	5556	6031
ಈರುಳ್ಳಿ	600	2100
ಟೊಮೆಟೊ	1300	1700
ಗೋಧಿ	3830	6135
ಸಜ್ಜೆ	4889	4889
ಸೋಯಾಬೀನ್	555	5259
ತೊಗರಿ	2809	5631
ತೊಗರಿ ಬೇಳೆ	6200	10201
ರಾಗಿ	2366	3625
